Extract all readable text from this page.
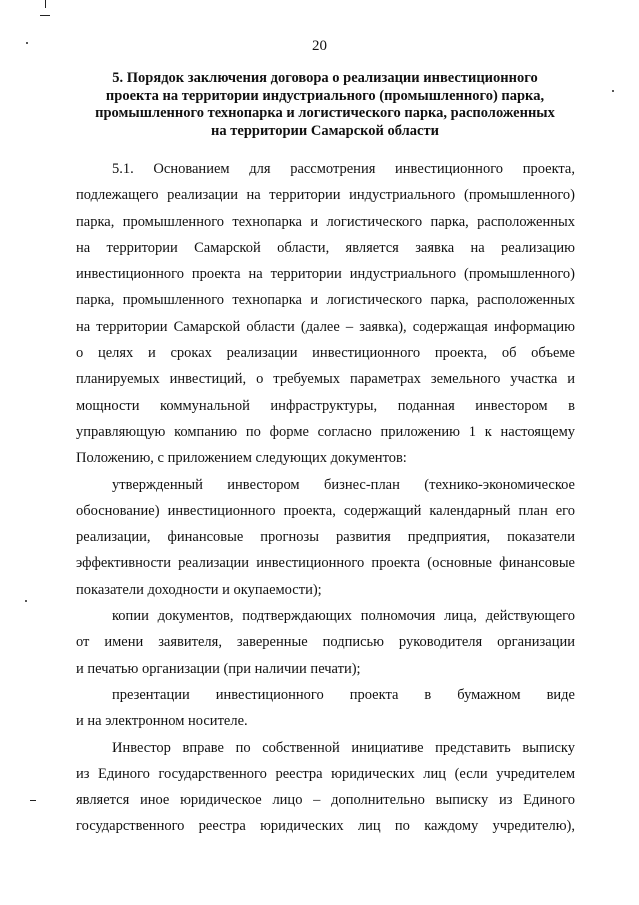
20
5. Порядок заключения договора о реализации инвестиционного
проекта на территории индустриального (промышленного) парка,
промышленного технопарка и логистического парка, расположенных
на территории Самарской области
5.1. Основанием для рассмотрения инвестиционного проекта,
подлежащего реализации на территории индустриального (промышленного)
парка, промышленного технопарка и логистического парка, расположенных
на территории Самарской области, является заявка на реализацию
инвестиционного проекта на территории индустриального (промышленного)
парка, промышленного технопарка и логистического парка, расположенных
на территории Самарской области (далее – заявка), содержащая информацию
о целях и сроках реализации инвестиционного проекта, об объеме
планируемых инвестиций, о требуемых параметрах земельного участка и
мощности коммунальной инфраструктуры, поданная инвестором в
управляющую компанию по форме согласно приложению 1 к настоящему
Положению, с приложением следующих документов:
утвержденный инвестором бизнес-план (технико-экономическое
обоснование) инвестиционного проекта, содержащий календарный план его
реализации, финансовые прогнозы развития предприятия, показатели
эффективности реализации инвестиционного проекта (основные финансовые
показатели доходности и окупаемости);
копии документов, подтверждающих полномочия лица, действующего
от имени заявителя, заверенные подписью руководителя организации
и печатью организации (при наличии печати);
презентации инвестиционного проекта в бумажном виде
и на электронном носителе.
Инвестор вправе по собственной инициативе представить выписку
из Единого государственного реестра юридических лиц (если учредителем
является иное юридическое лицо – дополнительно выписку из Единого
государственного реестра юридических лиц по каждому учредителю),
